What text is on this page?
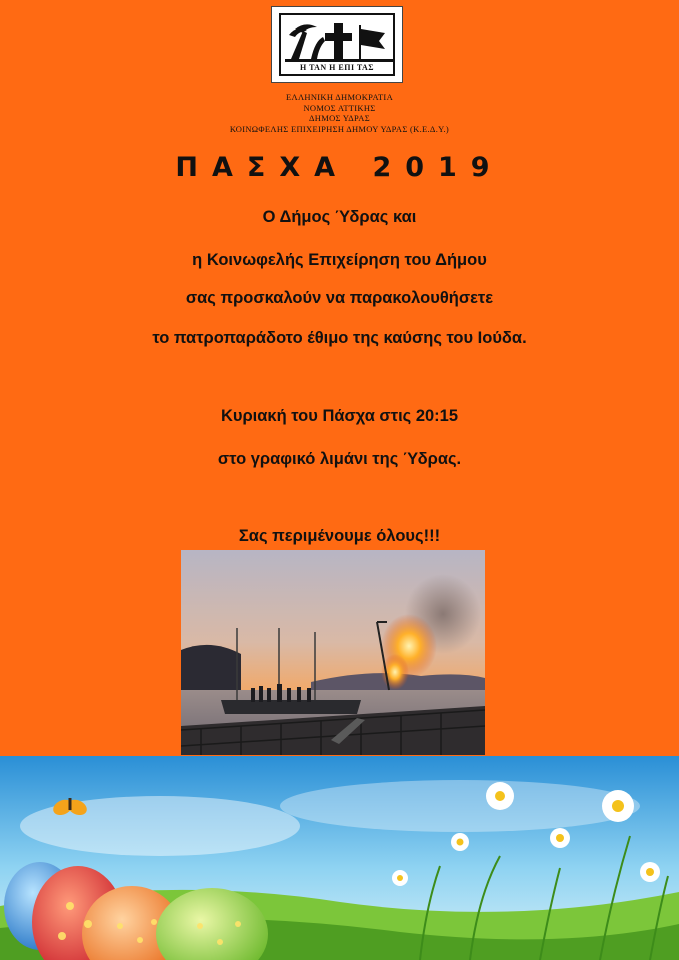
Η ΤΑΝ Η ΕΠΙ ΤΑΣ
ΕΛΛΗΝΙΚΗ ΔΗΜΟΚΡΑΤΙΑ
ΝΟΜΟΣ ΑΤΤΙΚΗΣ
ΔΗΜΟΣ ΥΔΡΑΣ
ΚΟΙΝΩΦΕΛΗΣ ΕΠΙΧΕΙΡΗΣΗ ΔΗΜΟΥ ΥΔΡΑΣ (Κ.Ε.Δ.Υ.)
ΠΑΣΧΑ 2019
Ο Δήμος Ύδρας και
η Κοινωφελής Επιχείρηση του Δήμου
σας προσκαλούν να παρακολουθήσετε
το πατροπαράδοτο έθιμο της καύσης του Ιούδα.
Κυριακή του Πάσχα στις 20:15
στο γραφικό λιμάνι της Ύδρας.
Σας περιμένουμε όλους!!!
